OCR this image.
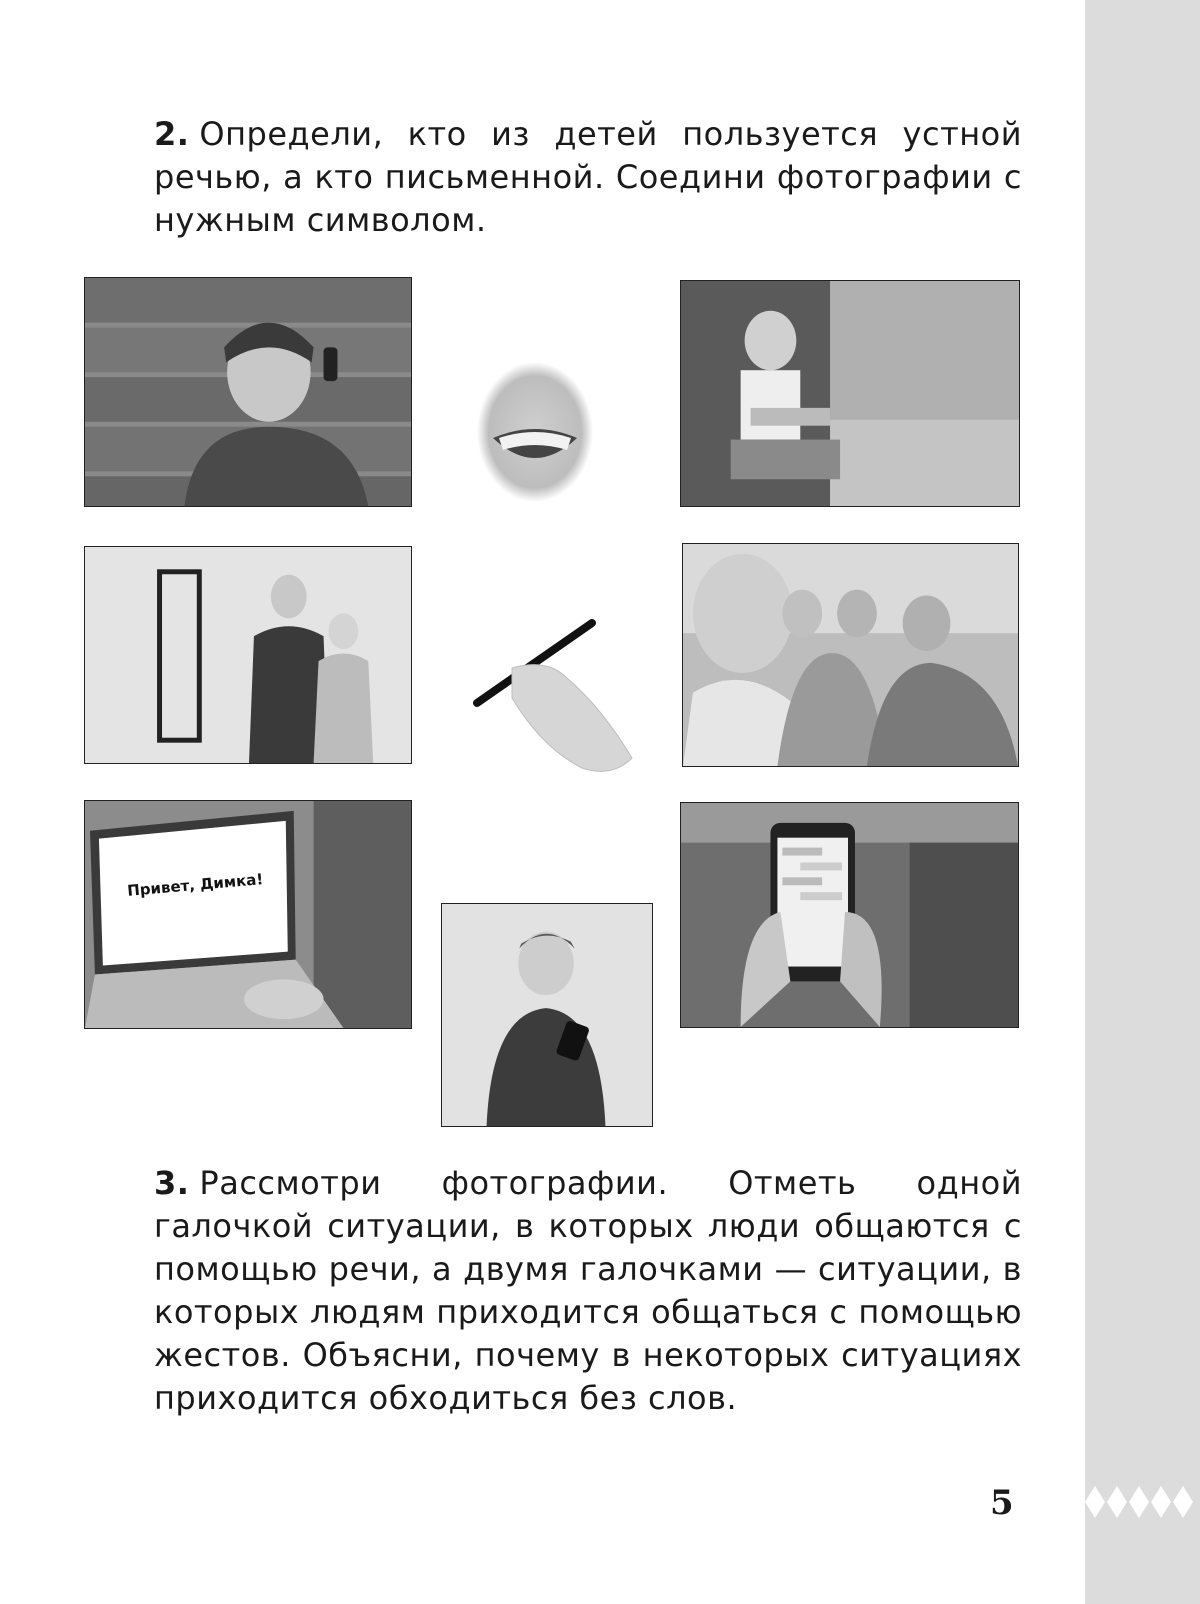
2. Определи, кто из детей пользуется устной речью, а кто письменной. Соедини фотографии с нужным символом.
Привет, Димка!
3. Рассмотри фотографии. Отметь одной галочкой ситуации, в которых люди общаются с помощью речи, а двумя галочками — ситуации, в которых людям приходится общаться с помощью жестов. Объясни, почему в некоторых ситуациях приходится обходиться без слов.
5
